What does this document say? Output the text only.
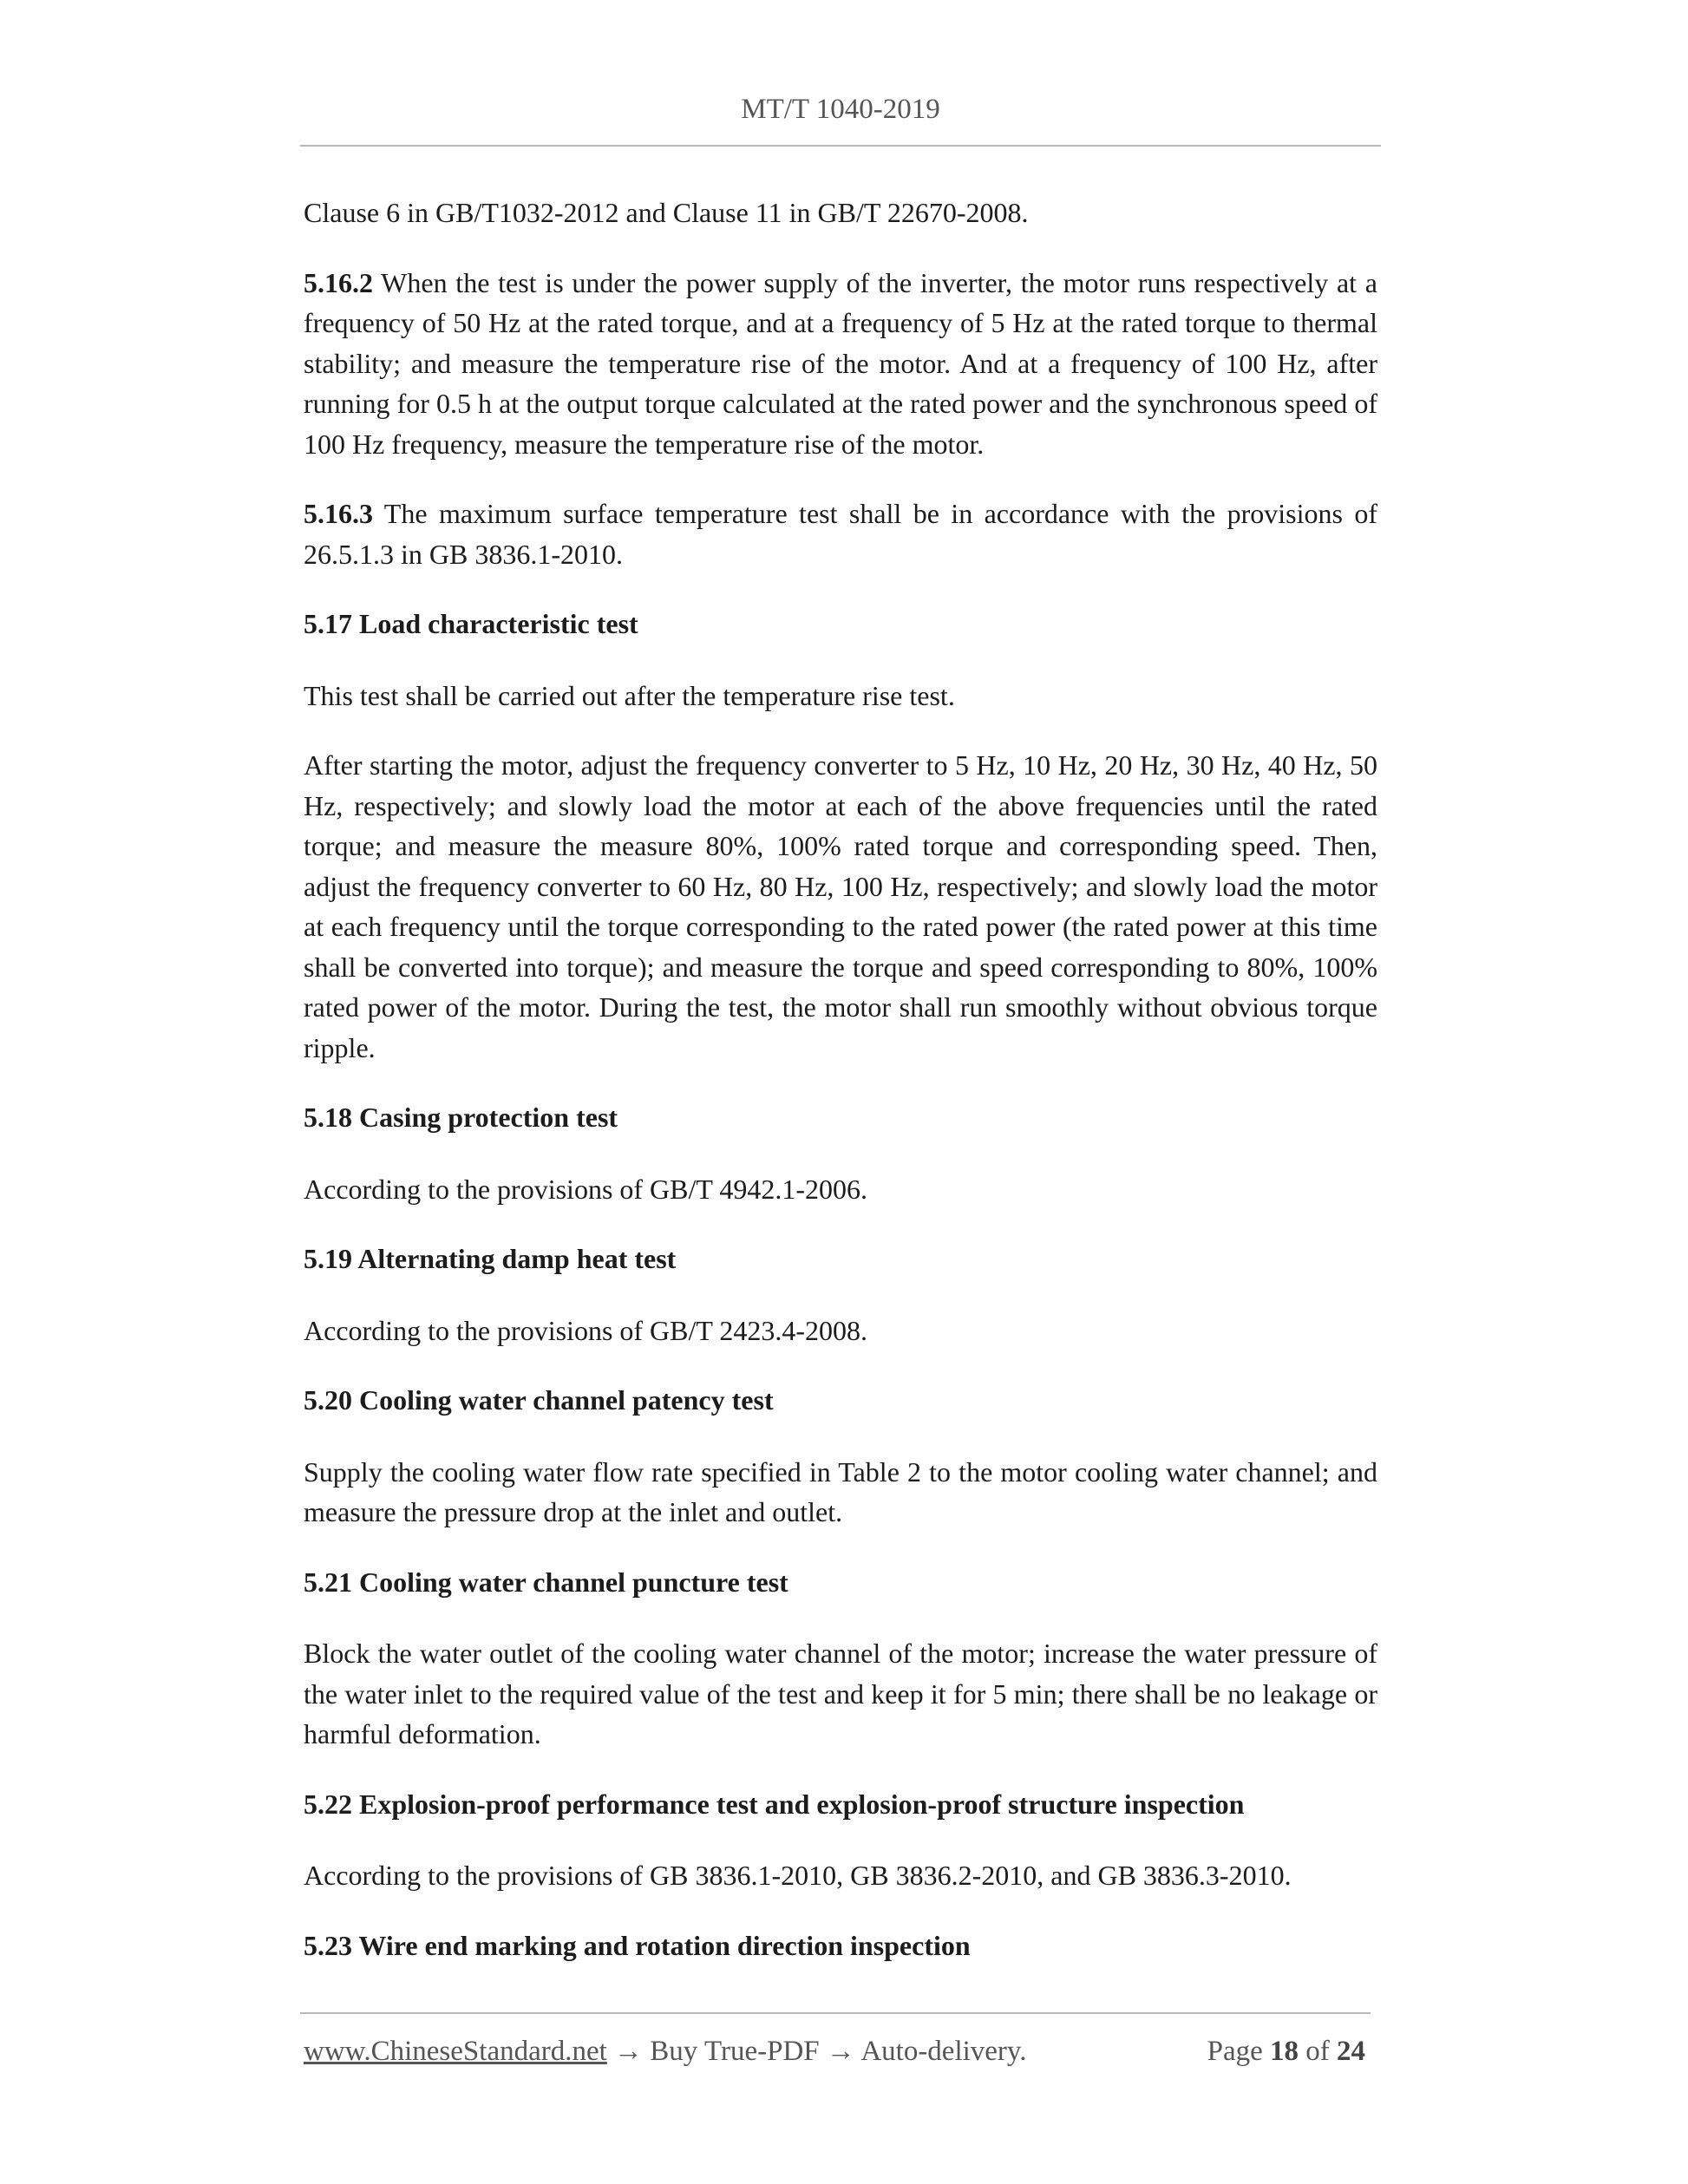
MT/T 1040-2019

Clause 6 in GB/T1032-2012 and Clause 11 in GB/T 22670-2008.

5.16.2 When the test is under the power supply of the inverter, the motor runs respectively at a frequency of 50 Hz at the rated torque, and at a frequency of 5 Hz at the rated torque to thermal stability; and measure the temperature rise of the motor. And at a frequency of 100 Hz, after running for 0.5 h at the output torque calculated at the rated power and the synchronous speed of 100 Hz frequency, measure the temperature rise of the motor.

5.16.3 The maximum surface temperature test shall be in accordance with the provisions of 26.5.1.3 in GB 3836.1-2010.

5.17 Load characteristic test

This test shall be carried out after the temperature rise test.

After starting the motor, adjust the frequency converter to 5 Hz, 10 Hz, 20 Hz, 30 Hz, 40 Hz, 50 Hz, respectively; and slowly load the motor at each of the above frequencies until the rated torque; and measure the measure 80%, 100% rated torque and corresponding speed. Then, adjust the frequency converter to 60 Hz, 80 Hz, 100 Hz, respectively; and slowly load the motor at each frequency until the torque corresponding to the rated power (the rated power at this time shall be converted into torque); and measure the torque and speed corresponding to 80%, 100% rated power of the motor. During the test, the motor shall run smoothly without obvious torque ripple.

5.18 Casing protection test

According to the provisions of GB/T 4942.1-2006.

5.19 Alternating damp heat test

According to the provisions of GB/T 2423.4-2008.

5.20 Cooling water channel patency test

Supply the cooling water flow rate specified in Table 2 to the motor cooling water channel; and measure the pressure drop at the inlet and outlet.

5.21 Cooling water channel puncture test

Block the water outlet of the cooling water channel of the motor; increase the water pressure of the water inlet to the required value of the test and keep it for 5 min; there shall be no leakage or harmful deformation.

5.22 Explosion-proof performance test and explosion-proof structure inspection

According to the provisions of GB 3836.1-2010, GB 3836.2-2010, and GB 3836.3-2010.

5.23 Wire end marking and rotation direction inspection
www.ChineseStandard.net → Buy True-PDF → Auto-delivery.	Page 18 of 24
